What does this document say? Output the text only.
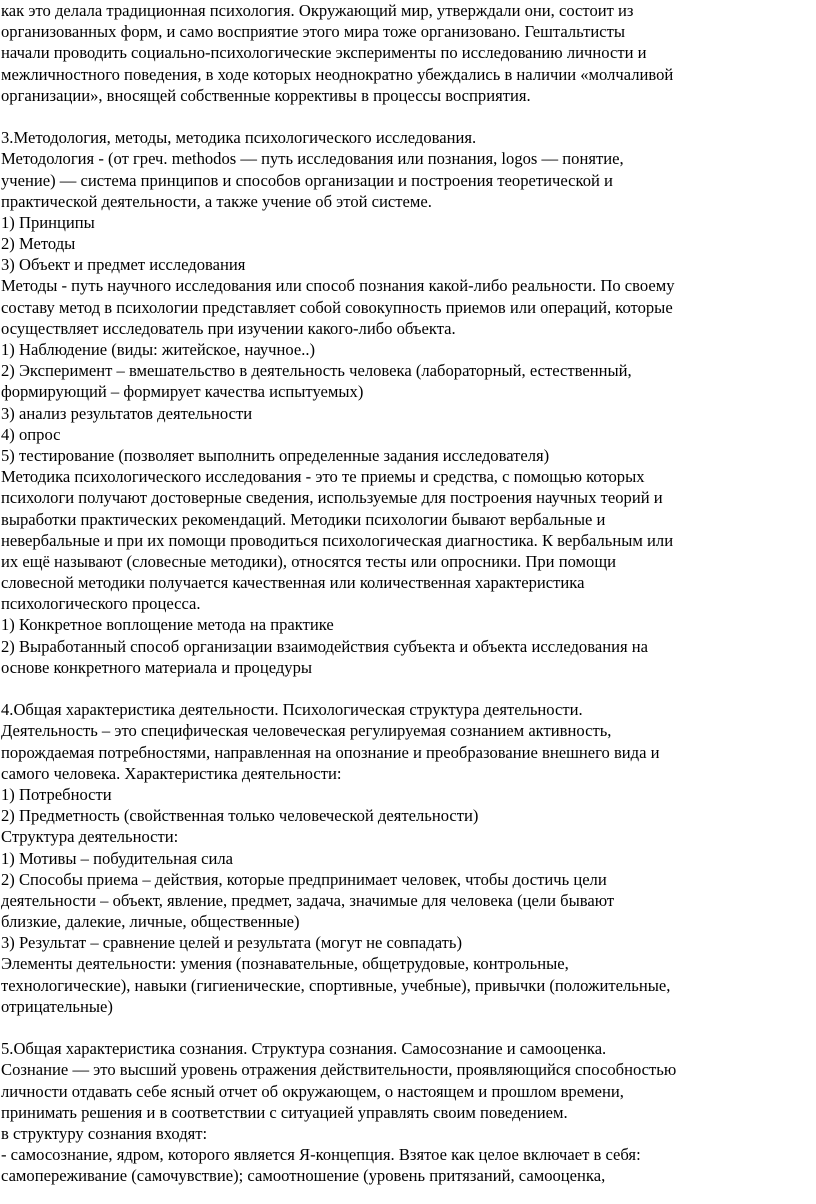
как это делала традиционная психология. Окружающий мир, утверждали они, состоит из
организованных форм, и само восприятие этого мира тоже организовано. Гештальтисты
начали проводить социально-психологические эксперименты по исследованию личности и
межличностного поведения, в ходе которых неоднократно убеждались в наличии «молчаливой
организации», вносящей собственные коррективы в процессы восприятия.
3.Методология, методы, методика психологического исследования.
Методология - (от греч. methodos — путь исследования или познания, logos — понятие,
учение) — система принципов и способов организации и построения теоретической и
практической деятельности, а также учение об этой системе.
1) Принципы
2) Методы
3) Объект и предмет исследования
Методы - путь научного исследования или способ познания какой-либо реальности. По своему
составу метод в психологии представляет собой совокупность приемов или операций, которые
осуществляет исследователь при изучении какого-либо объекта.
1) Наблюдение (виды: житейское, научное..)
2) Эксперимент – вмешательство в деятельность человека (лабораторный, естественный,
формирующий – формирует качества испытуемых)
3) анализ результатов деятельности
4) опрос
5) тестирование (позволяет выполнить определенные задания исследователя)
Методика психологического исследования - это те приемы и средства, с помощью которых
психологи получают достоверные сведения, используемые для построения научных теорий и
выработки практических рекомендаций. Методики психологии бывают вербальные и
невербальные и при их помощи проводиться психологическая диагностика. К вербальным или
их ещё называют (словесные методики), относятся тесты или опросники. При помощи
словесной методики получается качественная или количественная характеристика
психологического процесса.
1) Конкретное воплощение метода на практике
2) Выработанный способ организации взаимодействия субъекта и объекта исследования на
основе конкретного материала и процедуры
4.Общая характеристика деятельности. Психологическая структура деятельности.
Деятельность – это специфическая человеческая регулируемая сознанием активность,
порождаемая потребностями, направленная на опознание и преобразование внешнего вида и
самого человека. Характеристика деятельности:
1) Потребности
2) Предметность (свойственная только человеческой деятельности)
Структура деятельности:
1) Мотивы – побудительная сила
2) Способы приема – действия, которые предпринимает человек, чтобы достичь цели
деятельности – объект, явление, предмет, задача, значимые для человека (цели бывают
близкие, далекие, личные, общественные)
3) Результат – сравнение целей и результата (могут не совпадать)
Элементы деятельности: умения (познавательные, общетрудовые, контрольные,
технологические), навыки (гигиенические, спортивные, учебные), привычки (положительные,
отрицательные)
5.Общая характеристика сознания. Структура сознания. Самосознание и самооценка.
Сознание — это высший уровень отражения действительности, проявляющийся способностью
личности отдавать себе ясный отчет об окружающем, о настоящем и прошлом времени,
принимать решения и в соответствии с ситуацией управлять своим поведением.
в структуру сознания входят:
- самосознание, ядром, которого является Я-концепция. Взятое как целое включает в себя:
самопереживание (самочувствие); самоотношение (уровень притязаний, самооценка,
